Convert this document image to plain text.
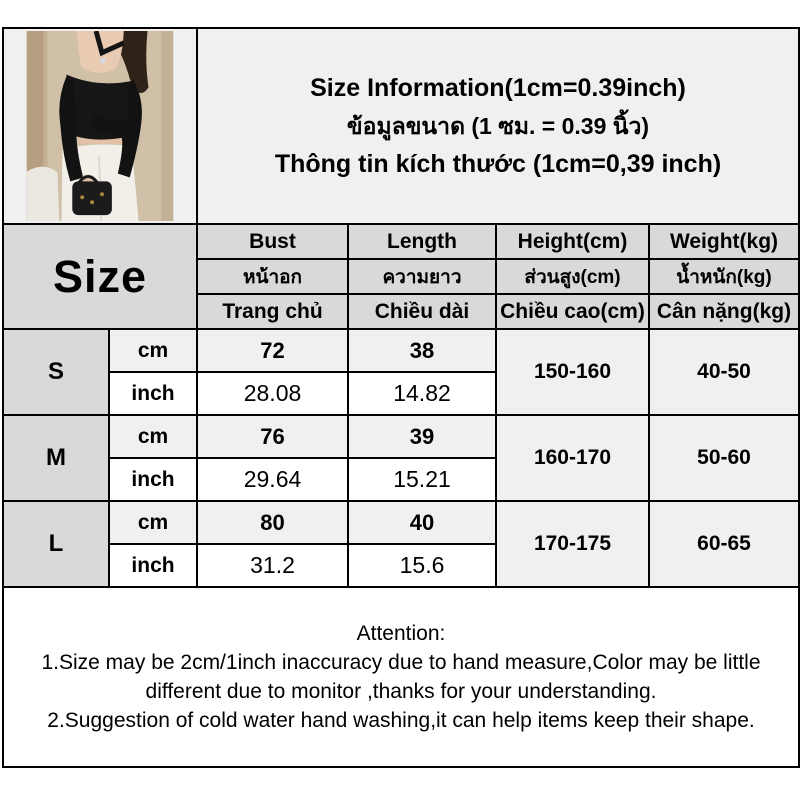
Size Information(1cm=0.39inch)
ข้อมูลขนาด (1 ซม. = 0.39 นิ้ว)
Thông tin kích thước (1cm=0,39 inch)			

Size		Bust	Length	Height(cm)	Weight(kg)
		หน้าอก	ความยาว	ส่วนสูง(cm)	น้ำหนัก(kg)
		Trang chủ	Chiều dài	Chiều cao(cm)	Cân nặng(kg)
S	cm	72	38	150-160	40-50
	inch	28.08	14.82		
M	cm	76	39	160-170	50-60
	inch	29.64	15.21		
L	cm	80	40	170-175	60-65
	inch	31.2	15.6		

Attention:
1.Size may be 2cm/1inch inaccuracy due to hand measure,Color may be little different due to monitor ,thanks for your understanding.
2.Suggestion of cold water hand washing,it can help items keep their shape.					
